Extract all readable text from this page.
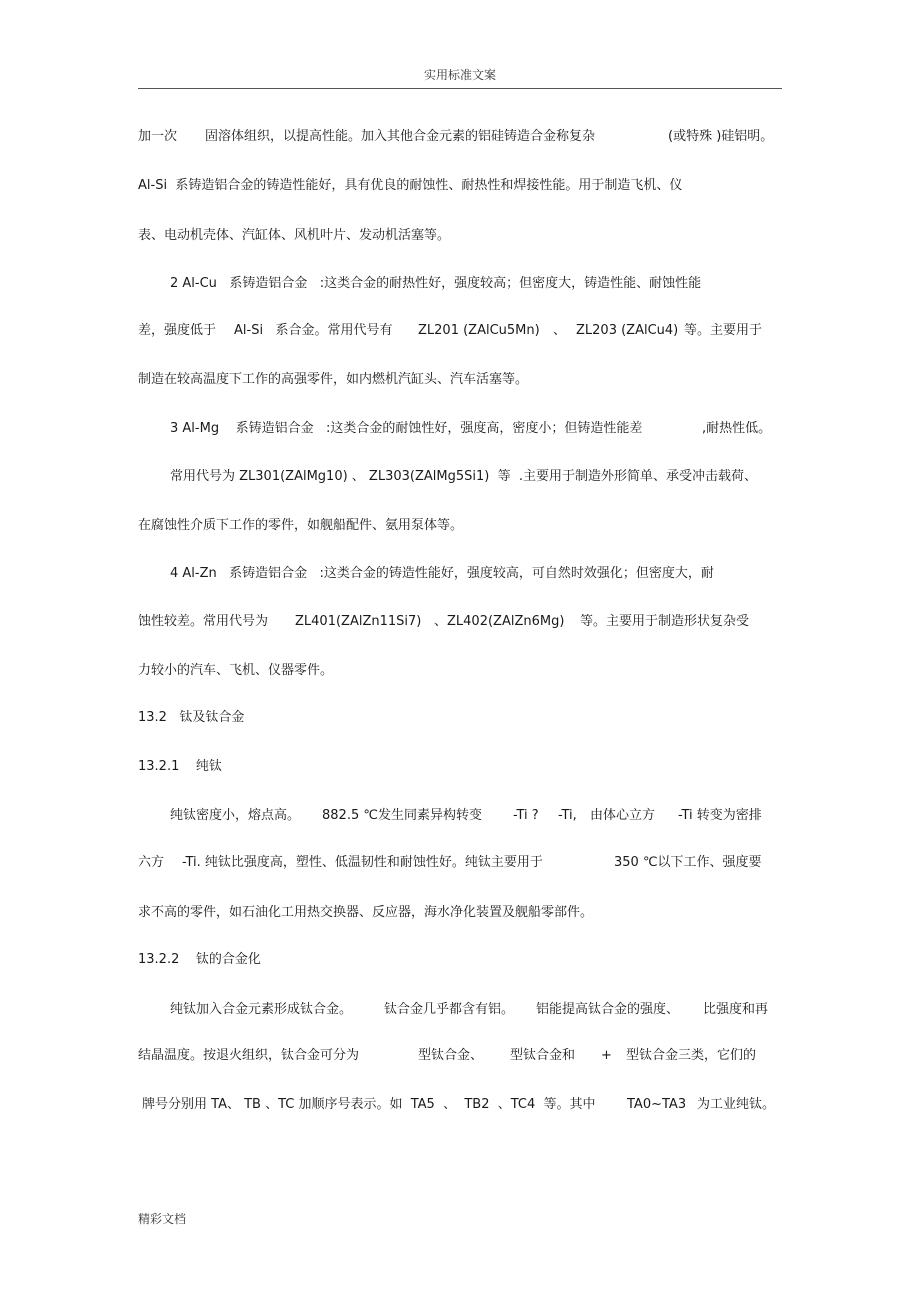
实用标准文案

加一次

固溶体组织，以提高性能。加入其他合金元素的铝硅铸造合金称复杂

	(或特殊 )硅铝明。

Al-Si  系铸造铝合金的铸造性能好，具有优良的耐蚀性、耐热性和焊接性能。用于制造飞机、仪

表、电动机壳体、汽缸体、风机叶片、发动机活塞等。

2 Al-Cu   系铸造铝合金   :这类合金的耐热性好，强度较高；但密度大，铸造性能、耐蚀性能

差，强度低于

Al-Si   系合金。常用代号有

ZL201 (ZAlCu5Mn)

、

ZL203 (ZAlCu4)

等。主要用于

制造在较高温度下工作的高强零件，如内燃机汽缸头、汽车活塞等。

3 Al-Mg    系铸造铝合金   :这类合金的耐蚀性好，强度高，密度小；但铸造性能差

	,耐热性低。

常用代号为 ZL301(ZAlMg10) 、 ZL303(ZAlMg5Si1)  等  .主要用于制造外形简单、承受冲击载荷、

在腐蚀性介质下工作的零件，如舰船配件、氨用泵体等。

4 Al-Zn   系铸造铝合金   :这类合金的铸造性能好，强度较高，可自然时效强化；但密度大，耐

蚀性较差。常用代号为

ZL401(ZAlZn11Si7)

、ZL402(ZAlZn6Mg)

等。主要用于制造形状复杂受

力较小的汽车、飞机、仪器零件。

13.2   钛及钛合金

13.2.1    纯钛

纯钛密度小，熔点高。

882.5 ℃发生同素异构转变

-Ti ?

-Ti,

由体心立方

-Ti 转变为密排

六方

-Ti. 纯钛比强度高，塑性、低温韧性和耐蚀性好。纯钛主要用于

	350 ℃以下工作、强度要

求不高的零件，如石油化工用热交换器、反应器，海水净化装置及舰船零部件。

13.2.2    钛的合金化

纯钛加入合金元素形成钛合金。

钛合金几乎都含有铝。

铝能提高钛合金的强度、

比强度和再

结晶温度。按退火组织，钛合金可分为

	型钛合金、

型钛合金和

+

型钛合金三类，它们的

牌号分别用 TA、 TB 、TC 加顺序号表示。如  TA5  、  TB2  、TC4  等。其中

TA0~TA3

为工业纯钛。

精彩文档
